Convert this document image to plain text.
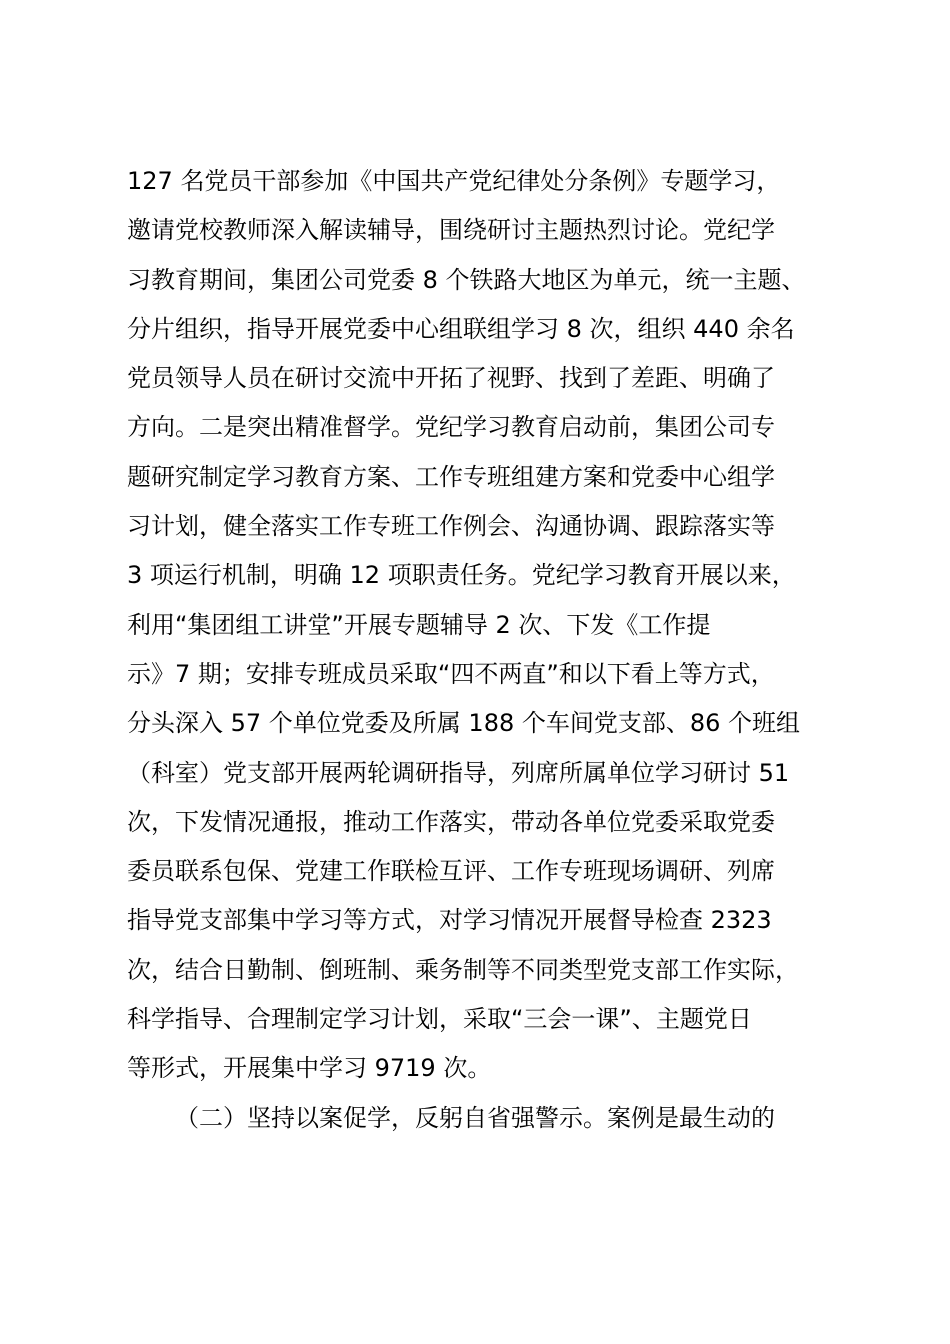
127 名党员干部参加《中国共产党纪律处分条例》专题学习，
邀请党校教师深入解读辅导，围绕研讨主题热烈讨论。党纪学
习教育期间，集团公司党委 8 个铁路大地区为单元，统一主题、
分片组织，指导开展党委中心组联组学习 8 次，组织 440 余名
党员领导人员在研讨交流中开拓了视野、找到了差距、明确了
方向。二是突出精准督学。党纪学习教育启动前，集团公司专
题研究制定学习教育方案、工作专班组建方案和党委中心组学
习计划，健全落实工作专班工作例会、沟通协调、跟踪落实等
3 项运行机制，明确 12 项职责任务。党纪学习教育开展以来，
利用“集团组工讲堂”开展专题辅导 2 次、下发《工作提
示》7 期；安排专班成员采取“四不两直”和以下看上等方式，
分头深入 57 个单位党委及所属 188 个车间党支部、86 个班组
（科室）党支部开展两轮调研指导，列席所属单位学习研讨 51
次，下发情况通报，推动工作落实，带动各单位党委采取党委
委员联系包保、党建工作联检互评、工作专班现场调研、列席
指导党支部集中学习等方式，对学习情况开展督导检查 2323
次，结合日勤制、倒班制、乘务制等不同类型党支部工作实际，
科学指导、合理制定学习计划，采取“三会一课”、主题党日
等形式，开展集中学习 9719 次。
（二）坚持以案促学，反躬自省强警示。案例是最生动的
